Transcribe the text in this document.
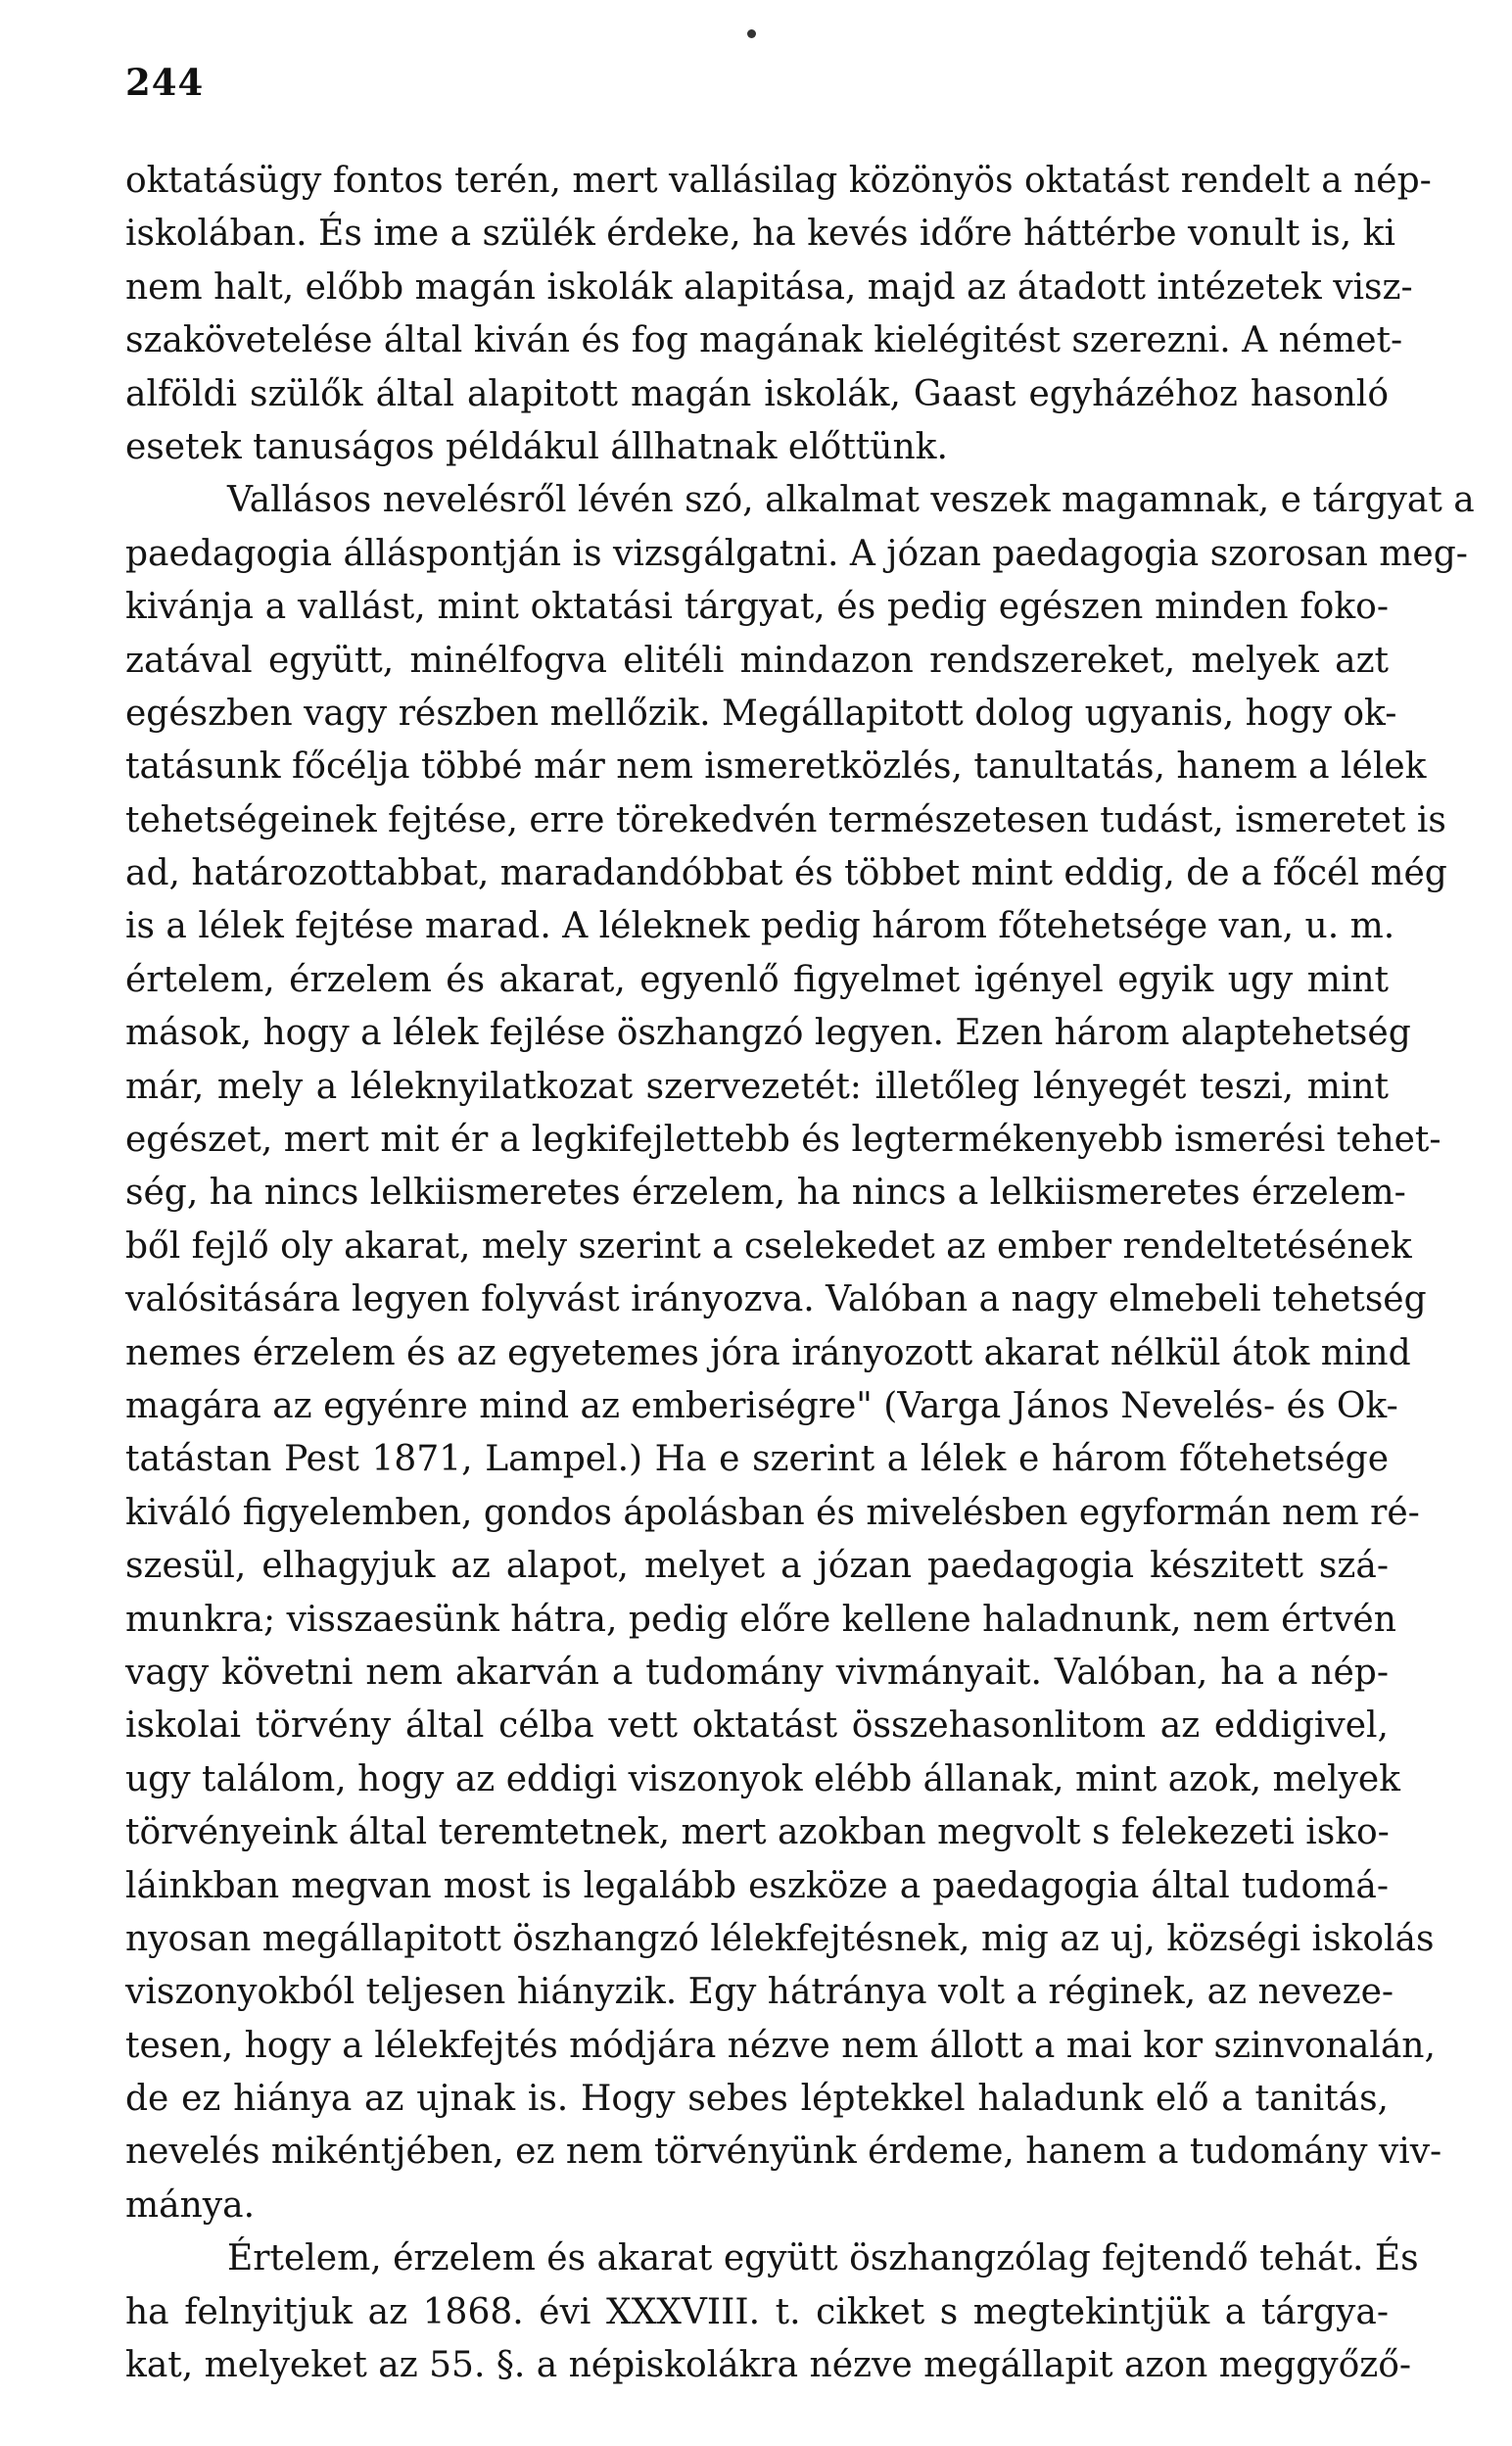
244
oktatásügy fontos terén, mert vallásilag közönyös oktatást rendelt a nép-
iskolában. És ime a szülék érdeke, ha kevés időre háttérbe vonult is, ki
nem halt, előbb magán iskolák alapitása, majd az átadott intézetek visz-
szakövetelése által kiván és fog magának kielégitést szerezni. A német-
alföldi szülők által alapitott magán iskolák, Gaast egyházéhoz hasonló
esetek tanuságos példákul állhatnak előttünk.
Vallásos nevelésről lévén szó, alkalmat veszek magamnak, e tárgyat a
paedagogia álláspontján is vizsgálgatni. A józan paedagogia szorosan meg-
kivánja a vallást, mint oktatási tárgyat, és pedig egészen minden foko-
zatával együtt, minélfogva elitéli mindazon rendszereket, melyek azt
egészben vagy részben mellőzik. Megállapitott dolog ugyanis, hogy ok-
tatásunk főcélja többé már nem ismeretközlés, tanultatás, hanem a lélek
tehetségeinek fejtése, erre törekedvén természetesen tudást, ismeretet is
ad, határozottabbat, maradandóbbat és többet mint eddig, de a főcél még
is a lélek fejtése marad. A léleknek pedig három főtehetsége van, u. m.
értelem, érzelem és akarat, egyenlő figyelmet igényel egyik ugy mint
mások, hogy a lélek fejlése öszhangzó legyen. Ezen három alaptehetség
már, mely a léleknyilatkozat szervezetét: illetőleg lényegét teszi, mint
egészet, mert mit ér a legkifejlettebb és legtermékenyebb ismerési tehet-
ség, ha nincs lelkiismeretes érzelem, ha nincs a lelkiismeretes érzelem-
ből fejlő oly akarat, mely szerint a cselekedet az ember rendeltetésének
valósitására legyen folyvást irányozva. Valóban a nagy elmebeli tehetség
nemes érzelem és az egyetemes jóra irányozott akarat nélkül átok mind
magára az egyénre mind az emberiségre" (Varga János Nevelés- és Ok-
tatástan Pest 1871, Lampel.) Ha e szerint a lélek e három főtehetsége
kiváló figyelemben, gondos ápolásban és mivelésben egyformán nem ré-
szesül, elhagyjuk az alapot, melyet a józan paedagogia készitett szá-
munkra; visszaesünk hátra, pedig előre kellene haladnunk, nem értvén
vagy követni nem akarván a tudomány vivmányait. Valóban, ha a nép-
iskolai törvény által célba vett oktatást összehasonlitom az eddigivel,
ugy találom, hogy az eddigi viszonyok elébb állanak, mint azok, melyek
törvényeink által teremtetnek, mert azokban megvolt s felekezeti isko-
láinkban megvan most is legalább eszköze a paedagogia által tudomá-
nyosan megállapitott öszhangzó lélekfejtésnek, mig az uj, községi iskolás
viszonyokból teljesen hiányzik. Egy hátránya volt a réginek, az neveze-
tesen, hogy a lélekfejtés módjára nézve nem állott a mai kor szinvonalán,
de ez hiánya az ujnak is. Hogy sebes léptekkel haladunk elő a tanitás,
nevelés mikéntjében, ez nem törvényünk érdeme, hanem a tudomány viv-
mánya.
Értelem, érzelem és akarat együtt öszhangzólag fejtendő tehát. És
ha felnyitjuk az 1868. évi XXXVIII. t. cikket s megtekintjük a tárgya-
kat, melyeket az 55. §. a népiskolákra nézve megállapit azon meggyőző-
